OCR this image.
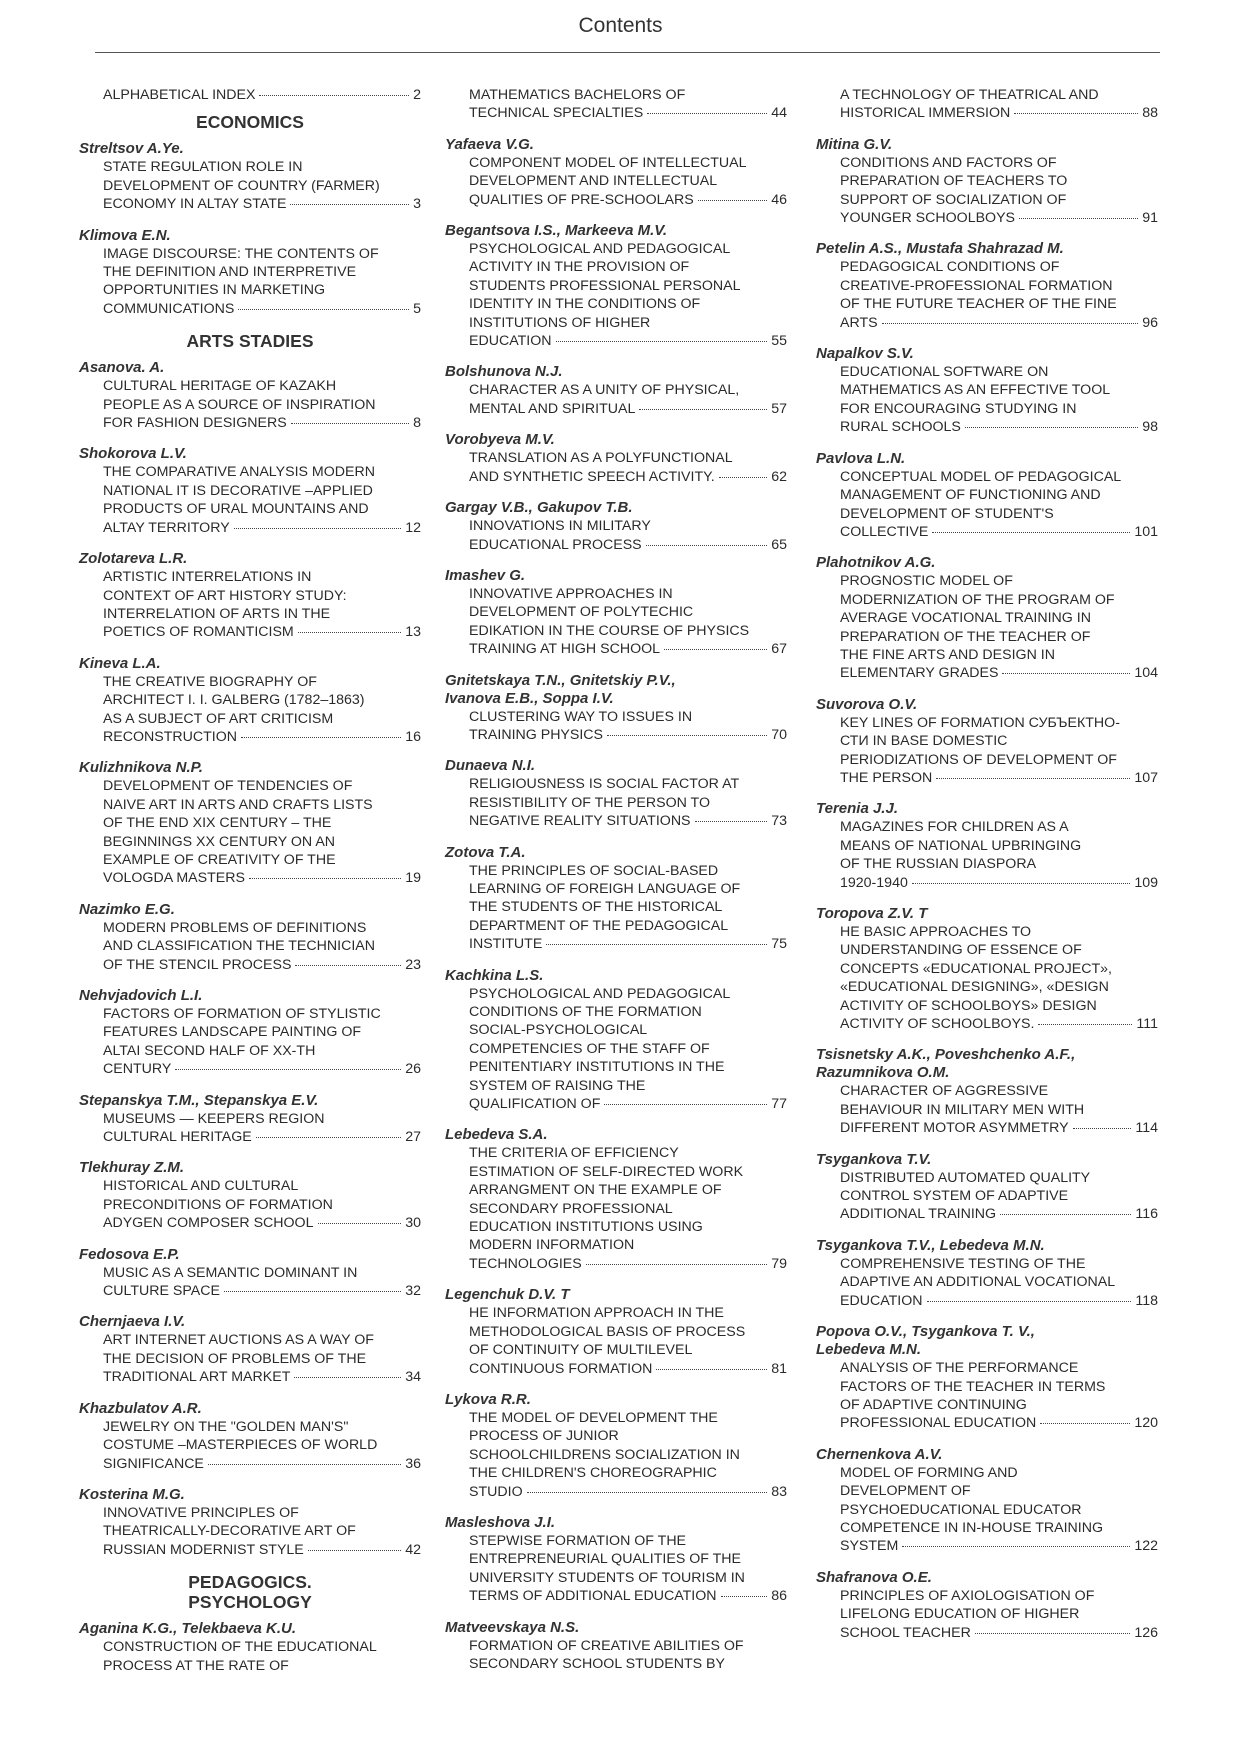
Contents
ALPHABETICAL INDEX	2
ECONOMICS
Streltsov A.Ye.
STATE REGULATION ROLE IN
DEVELOPMENT OF COUNTRY (FARMER)
ECONOMY IN ALTAY STATE	3
Klimova E.N.
IMAGE DISCOURSE: THE CONTENTS OF
THE DEFINITION AND INTERPRETIVE
OPPORTUNITIES IN MARKETING
COMMUNICATIONS	5
ARTS STADIES
Asanova. A.
CULTURAL HERITAGE OF KAZAKH
PEOPLE AS A SOURCE OF INSPIRATION
FOR FASHION DESIGNERS	8
Shokorova L.V.
THE COMPARATIVE ANALYSIS MODERN
NATIONAL IT IS DECORATIVE –APPLIED
PRODUCTS OF URAL MOUNTAINS AND
ALTAY TERRITORY	12
Zolotareva L.R.
ARTISTIC INTERRELATIONS IN
CONTEXT OF ART HISTORY STUDY:
INTERRELATION OF ARTS IN THE
POETICS OF ROMANTICISM	13
Kineva L.A.
THE CREATIVE BIOGRAPHY OF
ARCHITECT I. I. GALBERG (1782–1863)
AS A SUBJECT OF ART CRITICISM
RECONSTRUCTION	16
Kulizhnikova N.P.
DEVELOPMENT OF TENDENCIES OF
NAIVE ART IN ARTS AND CRAFTS LISTS
OF THE END XIX CENTURY – THE
BEGINNINGS XX CENTURY ON AN
EXAMPLE OF CREATIVITY OF THE
VOLOGDA MASTERS	19
Nazimko E.G.
MODERN PROBLEMS OF DEFINITIONS
AND CLASSIFICATION THE TECHNICIAN
OF THE STENCIL PROCESS	23
Nehvjadovich L.I.
FACTORS OF FORMATION OF STYLISTIC
FEATURES LANDSCAPE PAINTING OF
ALTAI SECOND HALF OF XX-TH
CENTURY	26
Stepanskya T.M., Stepanskya E.V.
MUSEUMS — KEEPERS REGION
CULTURAL HERITAGE	27
Tlekhuray Z.M.
HISTORICAL AND CULTURAL
PRECONDITIONS OF FORMATION
ADYGEN COMPOSER SCHOOL	30
Fedosova E.P.
MUSIC AS A SEMANTIC DOMINANT IN
CULTURE SPACE	32
Chernjaeva I.V.
ART INTERNET AUCTIONS AS A WAY OF
THE DECISION OF PROBLEMS OF THE
TRADITIONAL ART MARKET	34
Khazbulatov A.R.
JEWELRY ON THE "GOLDEN MAN'S"
COSTUME –MASTERPIECES OF WORLD
SIGNIFICANCE	36
Kosterina M.G.
INNOVATIVE PRINCIPLES OF
THEATRICALLY-DECORATIVE ART OF
RUSSIAN MODERNIST STYLE	42
PEDAGOGICS.
PSYCHOLOGY
Aganina K.G., Telekbaeva K.U.
CONSTRUCTION OF THE EDUCATIONAL
PROCESS AT THE RATE OF
MATHEMATICS BACHELORS OF
TECHNICAL SPECIALTIES	44
Yafaeva V.G.
COMPONENT MODEL OF INTELLECTUAL
DEVELOPMENT AND INTELLECTUAL
QUALITIES OF PRE-SCHOOLARS	46
Begantsova I.S., Markeeva M.V.
PSYCHOLOGICAL AND PEDAGOGICAL
ACTIVITY IN THE PROVISION OF
STUDENTS PROFESSIONAL PERSONAL
IDENTITY IN THE CONDITIONS OF
INSTITUTIONS OF HIGHER
EDUCATION	55
Bolshunova N.J.
CHARACTER AS A UNITY OF PHYSICAL,
MENTAL AND SPIRITUAL	57
Vorobyeva M.V.
TRANSLATION AS A POLYFUNCTIONAL
AND SYNTHETIC SPEECH ACTIVITY.	62
Gargay V.B., Gakupov T.B.
INNOVATIONS IN MILITARY
EDUCATIONAL PROCESS	65
Imashev G.
INNOVATIVE APPROACHES IN
DEVELOPMENT OF POLYTECHIC
EDIKATION IN THE COURSE OF PHYSICS
TRAINING AT HIGH SCHOOL	67
Gnitetskaya T.N., Gnitetskiy P.V.,
Ivanova E.B., Soppa I.V.
CLUSTERING WAY TO ISSUES IN
TRAINING PHYSICS	70
Dunaeva N.I.
RELIGIOUSNESS IS SOCIAL FACTOR AT
RESISTIBILITY OF THE PERSON TO
NEGATIVE REALITY SITUATIONS	73
Zotova T.A.
THE PRINCIPLES OF SOCIAL-BASED
LEARNING OF FOREIGH LANGUAGE OF
THE STUDENTS OF THE HISTORICAL
DEPARTMENT OF THE PEDAGOGICAL
INSTITUTE	75
Kachkina L.S.
PSYCHOLOGICAL AND PEDAGOGICAL
CONDITIONS OF THE FORMATION
SOCIAL-PSYCHOLOGICAL
COMPETENCIES OF THE STAFF OF
PENITENTIARY INSTITUTIONS IN THE
SYSTEM OF RAISING THE
QUALIFICATION OF	77
Lebedeva S.A.
THE CRITERIA OF EFFICIENCY
ESTIMATION OF SELF-DIRECTED WORK
ARRANGMENT ON THE EXAMPLE OF
SECONDARY PROFESSIONAL
EDUCATION INSTITUTIONS USING
MODERN INFORMATION
TECHNOLOGIES	79
Legenchuk D.V. T
HE INFORMATION APPROACH IN THE
METHODOLOGICAL BASIS OF PROCESS
OF CONTINUITY OF MULTILEVEL
CONTINUOUS FORMATION	81
Lykova R.R.
THE MODEL OF DEVELOPMENT THE
PROCESS OF JUNIOR
SCHOOLCHILDRENS SOCIALIZATION IN
THE CHILDREN'S CHOREOGRAPHIC
STUDIO	83
Masleshova J.I.
STEPWISE FORMATION OF THE
ENTREPRENEURIAL QUALITIES OF THE
UNIVERSITY STUDENTS OF TOURISM IN
TERMS OF ADDITIONAL EDUCATION	86
Matveevskaya N.S.
FORMATION OF CREATIVE ABILITIES OF
SECONDARY SCHOOL STUDENTS BY
A TECHNOLOGY OF THEATRICAL AND
HISTORICAL IMMERSION	88
Mitina G.V.
CONDITIONS AND FACTORS OF
PREPARATION OF TEACHERS TO
SUPPORT OF SOCIALIZATION OF
YOUNGER SCHOOLBOYS	91
Petelin A.S., Mustafa Shahrazad M.
PEDAGOGICAL CONDITIONS OF
CREATIVE-PROFESSIONAL FORMATION
OF THE FUTURE TEACHER OF THE FINE
ARTS	96
Napalkov S.V.
EDUCATIONAL SOFTWARE ON
MATHEMATICS AS AN EFFECTIVE TOOL
FOR ENCOURAGING STUDYING IN
RURAL SCHOOLS	98
Pavlova L.N.
CONCEPTUAL MODEL OF PEDAGOGICAL
MANAGEMENT OF FUNCTIONING AND
DEVELOPMENT OF STUDENT'S
COLLECTIVE	101
Plahotnikov A.G.
PROGNOSTIC MODEL OF
MODERNIZATION OF THE PROGRAM OF
AVERAGE VOCATIONAL TRAINING IN
PREPARATION OF THE TEACHER OF
THE FINE ARTS AND DESIGN IN
ELEMENTARY GRADES	104
Suvorova O.V.
KEY LINES OF FORMATION СУБЪЕКТНО-
СТИ IN BASE DOMESTIC
PERIODIZATIONS OF DEVELOPMENT OF
THE PERSON	107
Terenia J.J.
MAGAZINES FOR CHILDREN AS A
MEANS OF NATIONAL UPBRINGING
OF THE RUSSIAN DIASPORA
1920-1940	109
Toropova Z.V. T
HE BASIC APPROACHES TO
UNDERSTANDING OF ESSENCE OF
CONCEPTS «EDUCATIONAL PROJECT»,
«EDUCATIONAL DESIGNING», «DESIGN
ACTIVITY OF SCHOOLBOYS» DESIGN
ACTIVITY OF SCHOOLBOYS.	111
Tsisnetsky A.K., Poveshchenko A.F.,
Razumnikova O.M.
CHARACTER OF AGGRESSIVE
BEHAVIOUR IN MILITARY MEN WITH
DIFFERENT MOTOR ASYMMETRY	114
Tsygankova T.V.
DISTRIBUTED AUTOMATED QUALITY
CONTROL SYSTEM OF ADAPTIVE
ADDITIONAL TRAINING	116
Tsygankova T.V., Lebedeva M.N.
COMPREHENSIVE TESTING OF THE
ADAPTIVE AN ADDITIONAL VOCATIONAL
EDUCATION	118
Popova O.V., Tsygankova T. V.,
Lebedeva M.N.
ANALYSIS OF THE PERFORMANCE
FACTORS OF THE TEACHER IN TERMS
OF ADAPTIVE CONTINUING
PROFESSIONAL EDUCATION	120
Chernenkova A.V.
MODEL OF FORMING AND
DEVELOPMENT OF
PSYCHOEDUCATIONAL EDUCATOR
COMPETENCE IN IN-HOUSE TRAINING
SYSTEM	122
Shafranova O.E.
PRINCIPLES OF AXIOLOGISATION OF
LIFELONG EDUCATION OF HIGHER
SCHOOL TEACHER	126
